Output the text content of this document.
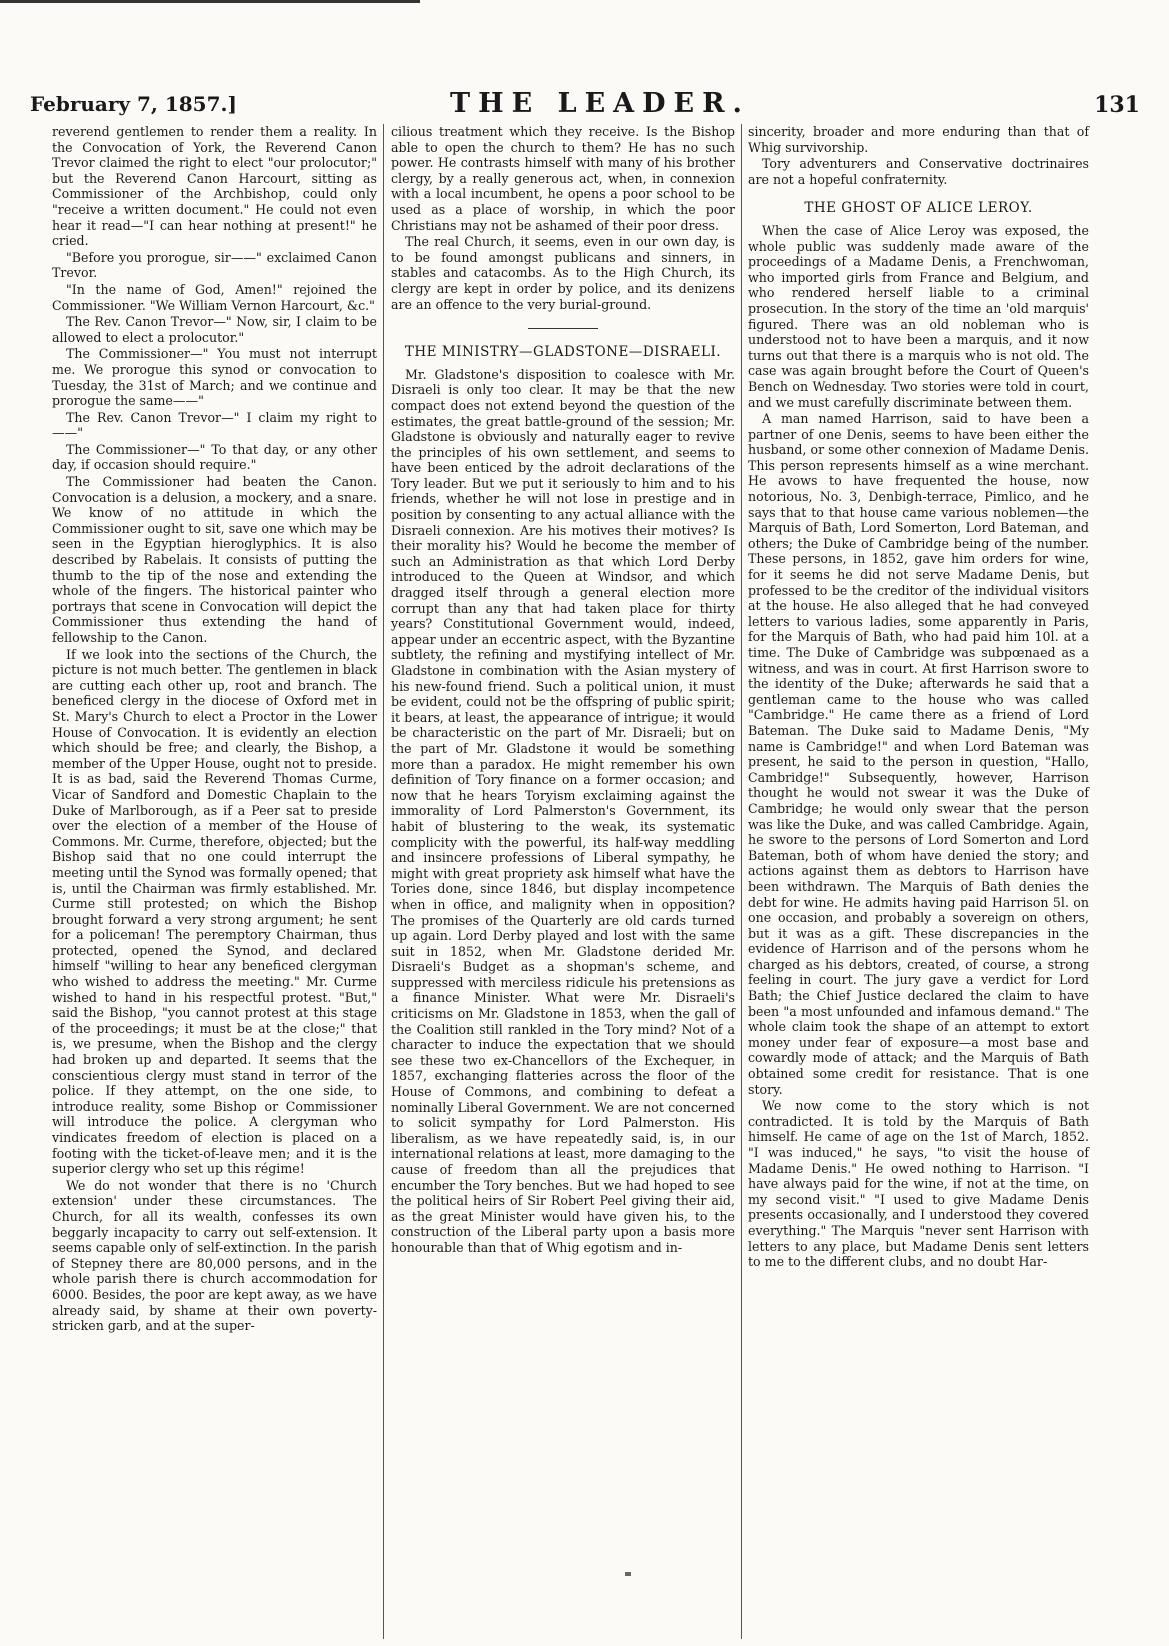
February 7, 1857.]	THE LEADER.	131

reverend gentlemen to render them a reality. In the Convocation of York, the Reverend Canon Trevor claimed the right to elect "our prolocutor;" but the Reverend Canon Harcourt, sitting as Commissioner of the Archbishop, could only "receive a written document." He could not even hear it read—"I can hear nothing at present!" he cried.

"Before you prorogue, sir——" exclaimed Canon Trevor.

"In the name of God, Amen!" rejoined the Commissioner. "We William Vernon Harcourt, &c."

The Rev. Canon Trevor—" Now, sir, I claim to be allowed to elect a prolocutor."

The Commissioner—" You must not interrupt me. We prorogue this synod or convocation to Tuesday, the 31st of March; and we continue and prorogue the same——"

The Rev. Canon Trevor—" I claim my right to——"

The Commissioner—" To that day, or any other day, if occasion should require."

The Commissioner had beaten the Canon. Convocation is a delusion, a mockery, and a snare. We know of no attitude in which the Commissioner ought to sit, save one which may be seen in the Egyptian hieroglyphics. It is also described by Rabelais. It consists of putting the thumb to the tip of the nose and extending the whole of the fingers. The historical painter who portrays that scene in Convocation will depict the Commissioner thus extending the hand of fellowship to the Canon.

If we look into the sections of the Church, the picture is not much better. The gentlemen in black are cutting each other up, root and branch. The beneficed clergy in the diocese of Oxford met in St. Mary's Church to elect a Proctor in the Lower House of Convocation. It is evidently an election which should be free; and clearly, the Bishop, a member of the Upper House, ought not to preside. It is as bad, said the Reverend Thomas Curme, Vicar of Sandford and Domestic Chaplain to the Duke of Marlborough, as if a Peer sat to preside over the election of a member of the House of Commons. Mr. Curme, therefore, objected; but the Bishop said that no one could interrupt the meeting until the Synod was formally opened; that is, until the Chairman was firmly established. Mr. Curme still protested; on which the Bishop brought forward a very strong argument; he sent for a policeman! The peremptory Chairman, thus protected, opened the Synod, and declared himself "willing to hear any beneficed clergyman who wished to address the meeting." Mr. Curme wished to hand in his respectful protest. "But," said the Bishop, "you cannot protest at this stage of the proceedings; it must be at the close;" that is, we presume, when the Bishop and the clergy had broken up and departed. It seems that the conscientious clergy must stand in terror of the police. If they attempt, on the one side, to introduce reality, some Bishop or Commissioner will introduce the police. A clergyman who vindicates freedom of election is placed on a footing with the ticket-of-leave men; and it is the superior clergy who set up this régime!

We do not wonder that there is no 'Church extension' under these circumstances. The Church, for all its wealth, confesses its own beggarly incapacity to carry out self-extension. It seems capable only of self-extinction. In the parish of Stepney there are 80,000 persons, and in the whole parish there is church accommodation for 6000. Besides, the poor are kept away, as we have already said, by shame at their own poverty-stricken garb, and at the super-

cilious treatment which they receive. Is the Bishop able to open the church to them? He has no such power. He contrasts himself with many of his brother clergy, by a really generous act, when, in connexion with a local incumbent, he opens a poor school to be used as a place of worship, in which the poor Christians may not be ashamed of their poor dress.

The real Church, it seems, even in our own day, is to be found amongst publicans and sinners, in stables and catacombs. As to the High Church, its clergy are kept in order by police, and its denizens are an offence to the very burial-ground.

THE MINISTRY—GLADSTONE—DISRAELI.

Mr. Gladstone's disposition to coalesce with Mr. Disraeli is only too clear. It may be that the new compact does not extend beyond the question of the estimates, the great battle-ground of the session; Mr. Gladstone is obviously and naturally eager to revive the principles of his own settlement, and seems to have been enticed by the adroit declarations of the Tory leader. But we put it seriously to him and to his friends, whether he will not lose in prestige and in position by consenting to any actual alliance with the Disraeli connexion. Are his motives their motives? Is their morality his? Would he become the member of such an Administration as that which Lord Derby introduced to the Queen at Windsor, and which dragged itself through a general election more corrupt than any that had taken place for thirty years? Constitutional Government would, indeed, appear under an eccentric aspect, with the Byzantine subtlety, the refining and mystifying intellect of Mr. Gladstone in combination with the Asian mystery of his new-found friend. Such a political union, it must be evident, could not be the offspring of public spirit; it bears, at least, the appearance of intrigue; it would be characteristic on the part of Mr. Disraeli; but on the part of Mr. Gladstone it would be something more than a paradox. He might remember his own definition of Tory finance on a former occasion; and now that he hears Toryism exclaiming against the immorality of Lord Palmerston's Government, its habit of blustering to the weak, its systematic complicity with the powerful, its half-way meddling and insincere professions of Liberal sympathy, he might with great propriety ask himself what have the Tories done, since 1846, but display incompetence when in office, and malignity when in opposition? The promises of the Quarterly are old cards turned up again. Lord Derby played and lost with the same suit in 1852, when Mr. Gladstone derided Mr. Disraeli's Budget as a shopman's scheme, and suppressed with merciless ridicule his pretensions as a finance Minister. What were Mr. Disraeli's criticisms on Mr. Gladstone in 1853, when the gall of the Coalition still rankled in the Tory mind? Not of a character to induce the expectation that we should see these two ex-Chancellors of the Exchequer, in 1857, exchanging flatteries across the floor of the House of Commons, and combining to defeat a nominally Liberal Government. We are not concerned to solicit sympathy for Lord Palmerston. His liberalism, as we have repeatedly said, is, in our international relations at least, more damaging to the cause of freedom than all the prejudices that encumber the Tory benches. But we had hoped to see the political heirs of Sir Robert Peel giving their aid, as the great Minister would have given his, to the construction of the Liberal party upon a basis more honourable than that of Whig egotism and in-

sincerity, broader and more enduring than that of Whig survivorship.

Tory adventurers and Conservative doctrinaires are not a hopeful confraternity.

THE GHOST OF ALICE LEROY.

When the case of Alice Leroy was exposed, the whole public was suddenly made aware of the proceedings of a Madame Denis, a Frenchwoman, who imported girls from France and Belgium, and who rendered herself liable to a criminal prosecution. In the story of the time an 'old marquis' figured. There was an old nobleman who is understood not to have been a marquis, and it now turns out that there is a marquis who is not old. The case was again brought before the Court of Queen's Bench on Wednesday. Two stories were told in court, and we must carefully discriminate between them.

A man named Harrison, said to have been a partner of one Denis, seems to have been either the husband, or some other connexion of Madame Denis. This person represents himself as a wine merchant. He avows to have frequented the house, now notorious, No. 3, Denbigh-terrace, Pimlico, and he says that to that house came various noblemen—the Marquis of Bath, Lord Somerton, Lord Bateman, and others; the Duke of Cambridge being of the number. These persons, in 1852, gave him orders for wine, for it seems he did not serve Madame Denis, but professed to be the creditor of the individual visitors at the house. He also alleged that he had conveyed letters to various ladies, some apparently in Paris, for the Marquis of Bath, who had paid him 10l. at a time. The Duke of Cambridge was subpœnaed as a witness, and was in court. At first Harrison swore to the identity of the Duke; afterwards he said that a gentleman came to the house who was called "Cambridge." He came there as a friend of Lord Bateman. The Duke said to Madame Denis, "My name is Cambridge!" and when Lord Bateman was present, he said to the person in question, "Hallo, Cambridge!" Subsequently, however, Harrison thought he would not swear it was the Duke of Cambridge; he would only swear that the person was like the Duke, and was called Cambridge. Again, he swore to the persons of Lord Somerton and Lord Bateman, both of whom have denied the story; and actions against them as debtors to Harrison have been withdrawn. The Marquis of Bath denies the debt for wine. He admits having paid Harrison 5l. on one occasion, and probably a sovereign on others, but it was as a gift. These discrepancies in the evidence of Harrison and of the persons whom he charged as his debtors, created, of course, a strong feeling in court. The jury gave a verdict for Lord Bath; the Chief Justice declared the claim to have been "a most unfounded and infamous demand." The whole claim took the shape of an attempt to extort money under fear of exposure—a most base and cowardly mode of attack; and the Marquis of Bath obtained some credit for resistance. That is one story.

We now come to the story which is not contradicted. It is told by the Marquis of Bath himself. He came of age on the 1st of March, 1852. "I was induced," he says, "to visit the house of Madame Denis." He owed nothing to Harrison. "I have always paid for the wine, if not at the time, on my second visit." "I used to give Madame Denis presents occasionally, and I understood they covered everything." The Marquis "never sent Harrison with letters to any place, but Madame Denis sent letters to me to the different clubs, and no doubt Har-
